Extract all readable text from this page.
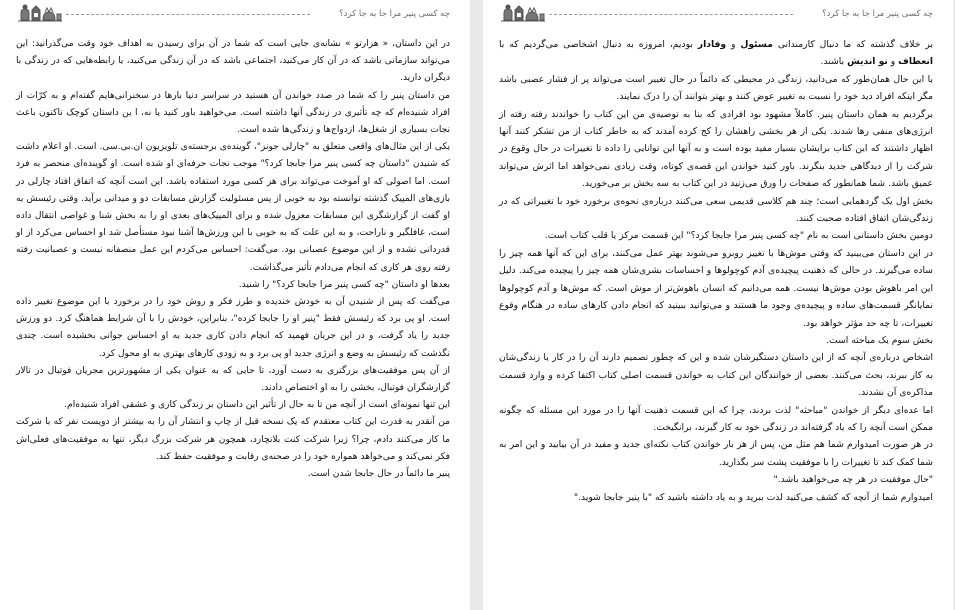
چه کسی پنیر مرا جا به جا کرد؟

در اين داستان، « هزارتو » نشانه‌ی جايی است که شما در آن برای رسيدن به اهداف خود وقت می‌گذرانيد: اين می‌تواند سازمانی باشد که در آن کار می‌کنيد، اجتماعی باشد که در آن زندگی می‌کنيد، يا رابطه‌هايی که در زندگی با ديگران داريد.

من داستان پنير را که شما در صدد خواندن آن هستيد در سراسر دنيا بارها در سخنرانی‌هايم گفته‌ام و به کرّات از افراد شنيده‌ام که چه تأثيری در زندگی آنها داشته است. می‌خواهيد باور کنيد يا نه، ا ين داستان کوچک تاکنون باعث نجات بسياری از شغل‌ها، ازدواج‌ها و زندگی‌ها شده است.

يکی از اين مثال‌های واقعی متعلق به "چارلی جونز"، گوينده‌ی برجسته‌ی تلويزيون ان.بی.سی. است. او اعلام داشت که شنيدن "داستان چه کسی پنير مرا جابجا کرد؟" موجب نجات حرفه‌ای او شده است. او گوينده‌ای منحصر به فرد است. اما اصولی که او آموخت می‌تواند برای هر کسی مورد استفاده باشد. اين است آنچه که اتفاق افتاد چارلی در بازی‌های المپيک گذشته توانسته بود به خوبی از پس مسئوليت گزارش مسابقات دو و ميدانی برآيد. وقتی رئيسش به او گفت از گزارشگری اين مسابقات معزول شده و برای المپيک‌های بعدی او را به بخش شنا و غواصی انتقال داده است، غافلگير و ناراحت، و به اين علت که به خوبی با اين ورزش‌ها آشنا نبود مستأصل شد او احساس می‌کرد از او قدردانی نشده و از اين موضوع عصبانی بود. می‌گفت: احساس می‌کردم اين عمل منصفانه نيست و عصبانيت رفته رفته روی هر کاری که انجام می‌دادم تأثير می‌گذاشت.

بعدها او داستان "چه کسی پنير مرا جابجا کرد؟" را شنيد.

می‌گفت که پس از شنيدن آن به خودش خنديده و طرز فکر و روش خود را در برخورد با اين موضوع تغيير داده است. او پی برد که رئيسش فقط "پنير او را جابجا کرده"، بنابراين، خودش را با آن شرايط هماهنگ کرد. دو ورزش جديد را ياد گرفت، و در اين جريان فهميد که انجام دادن کاری جديد به او احساس جوانی بخشيده است. چندی نگذشت که رئيسش به وضع و انرژی جديد او پی برد و به زودی کارهای بهتری به او محول کرد.

از آن پس موفقيت‌های بزرگتری به دست آورد، تا جايی که به عنوان يکی از مشهورترين مجريان فوتبال در تالار گزارشگران فوتبال، بخشی را به او اختصاص دادند.

اين تنها نمونه‌ای است از آنچه من تا به حال از تأثير اين داستان بر زندگی کاری و عشقی افراد شنيده‌ام.

من آنقدر به قدرت اين کتاب معتقدم که يک نسخه قبل از چاپ و انتشار آن را به بيشتر از دويست نفر که با شرکت ما کار می‌کنند دادم، چرا؟ زيرا شرکت کنت بلانچارد، همچون هر شرکت بزرگ ديگر، تنها به موفقيت‌های فعلی‌اش فکر نمی‌کند و می‌خواهد همواره خود را در صحنه‌ی رقابت و موفقيت حفظ کند.

پنير ما دائماً در حال جابجا شدن است.

چه کسی پنیر مرا جا به جا کرد؟

بر خلاف گذشته که ما دنبال کارمندانی مسئول و وفادار بوديم، امروزه به دنبال اشخاصی می‌گرديم که با انعطاف و نو انديش باشند.

با اين حال همان‌طور که می‌دانيد، زندگی در محيطی که دائماً در حال تغيير است می‌تواند پر از فشار عصبی باشد مگر اينکه افراد ديد خود را نسبت به تغيير عوض کنند و بهتر بتوانند آن را درک نمايند.

برگرديم به همان داستان پنير. کاملاً مشهود بود افرادی که بنا به توصيه‌ی من اين کتاب را خواندند رفته رفته از انرژی‌های منفی رها شدند. يکی از هر بخشی راهشان را کج کرده آمدند که به خاطر کتاب از من تشکر کنند آنها اظهار داشتند که اين کتاب برايشان بسيار مفيد بوده است و به آنها اين توانايی را داده تا تغييرات در حال وقوع در شرکت را از ديدگاهی جديد بنگرند. باور کنيد خواندن اين قصه‌ی کوتاه، وقت زيادی نمی‌خواهد اما اثرش می‌تواند عميق باشد. شما همانطور که صفحات را ورق می‌زنيد در اين کتاب به سه بخش بر می‌خوريد.

بخش اول يک گردهمايی است؛ چند هم کلاسی قديمی سعی می‌کنند درباره‌ی نحوه‌ی برخورد خود با تغييراتی که در زندگی‌شان اتفاق افتاده صحبت کنند.

دومين بخش داستانی است به نام "چه کسی پنير مرا جابجا کرد؟" اين قسمت مرکز يا قلب کتاب است.

در اين داستان می‌بينيد که وقتی موش‌ها با تغيير روبرو می‌شوند بهتر عمل می‌کنند، برای اين که آنها همه چيز را ساده می‌گيرند. در حالی که ذهنيت پيچيده‌ی آدم کوچولوها و احساسات بشری‌شان همه چيز را پيچيده می‌کند. دليل اين امر باهوش بودن موش‌ها نيست. همه می‌دانيم که انسان باهوش‌تر از موش است. که موش‌ها و آدم کوچولوها نمايانگر قسمت‌های ساده و پيچيده‌ی وجود ما هستند و می‌توانيد ببينيد که انجام دادن کارهای ساده در هنگام وقوع تغييرات، تا چه حد مؤثر خواهد بود.

بخش سوم يک مباحثه است.

اشخاص درباره‌ی آنچه که از اين داستان دستگيرشان شده و اين که چطور تصميم دارند آن را در کار يا زندگی‌شان به کار ببرند، بحث می‌کنند. بعضی از خوانندگان اين کتاب به خواندن قسمت اصلی کتاب اکتفا کرده و وارد قسمت مذاکره‌ی آن نشدند.

اما عده‌ای ديگر از خواندن "مباحثه" لذت بردند، چرا که اين قسمت ذهنيت آنها را در مورد اين مسئله که چگونه ممکن است آنچه را که ياد گرفته‌اند در زندگی خود به کار گيرند، برانگيخت.

در هر صورت اميدوارم شما هم مثل من، پس از هر بار خواندن کتاب نکته‌ای جديد و مفيد در آن بيابيد و اين امر به شما کمک کند تا تغييرات را با موفقيت پشت سر بگذاريد.

"حال موفقيت در هر چه می‌خواهيد باشد."

اميدوارم شما از آنچه که کشف می‌کنيد لذت ببريد و به ياد داشته باشيد که "با پنير جابجا شويد."
